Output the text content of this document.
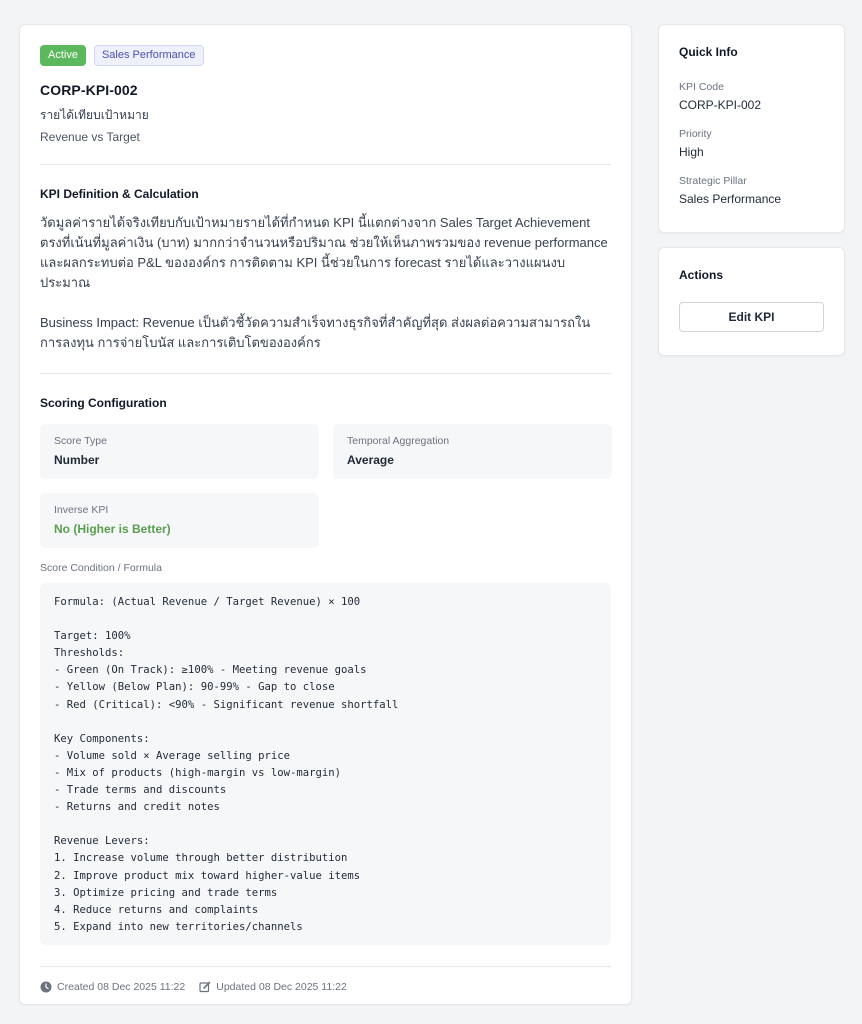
Active	Sales Performance
CORP-KPI-002
รายได้เทียบเป้าหมาย
Revenue vs Target
KPI Definition & Calculation
วัดมูลค่ารายได้จริงเทียบกับเป้าหมายรายได้ที่กำหนด KPI นี้แตกต่างจาก Sales Target Achievement
ตรงที่เน้นที่มูลค่าเงิน (บาท) มากกว่าจำนวนหรือปริมาณ ช่วยให้เห็นภาพรวมของ revenue performance
และผลกระทบต่อ P&L ขององค์กร การติดตาม KPI นี้ช่วยในการ forecast รายได้และวางแผนงบประมาณ
Business Impact: Revenue เป็นตัวชี้วัดความสำเร็จทางธุรกิจที่สำคัญที่สุด ส่งผลต่อความสามารถในการลงทุน การจ่ายโบนัส และการเติบโตขององค์กร
Scoring Configuration
Score Type
Number
Temporal Aggregation
Average
Inverse KPI
No (Higher is Better)
Score Condition / Formula
Formula: (Actual Revenue / Target Revenue) × 100

Target: 100%
Thresholds:
- Green (On Track): ≥100% - Meeting revenue goals
- Yellow (Below Plan): 90-99% - Gap to close
- Red (Critical): <90% - Significant revenue shortfall

Key Components:
- Volume sold × Average selling price
- Mix of products (high-margin vs low-margin)
- Trade terms and discounts
- Returns and credit notes

Revenue Levers:
1. Increase volume through better distribution
2. Improve product mix toward higher-value items
3. Optimize pricing and trade terms
4. Reduce returns and complaints
5. Expand into new territories/channels
Created 08 Dec 2025 11:22	Updated 08 Dec 2025 11:22
Quick Info
KPI Code
CORP-KPI-002
Priority
High
Strategic Pillar
Sales Performance
Actions
Edit KPI
